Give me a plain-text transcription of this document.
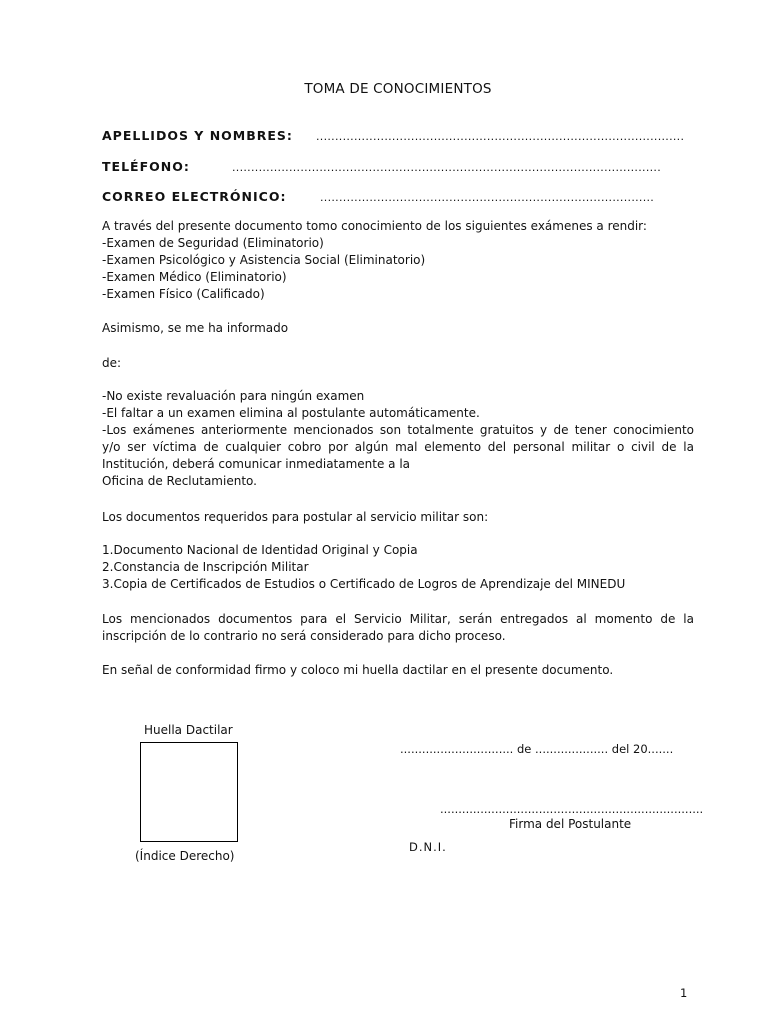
TOMA DE CONOCIMIENTOS
APELLIDOS Y NOMBRES: .................................................................................................
TELÉFONO:	.................................................................................................................
CORREO ELECTRÓNICO:	........................................................................................
A través del presente documento tomo conocimiento de los siguientes exámenes a rendir:
-Examen de Seguridad (Eliminatorio)
-Examen Psicológico y Asistencia Social (Eliminatorio)
-Examen Médico (Eliminatorio)
-Examen Físico (Calificado)
Asimismo, se me ha informado
de:
-No existe revaluación para ningún examen
-El faltar a un examen elimina al postulante automáticamente.
-Los exámenes anteriormente mencionados son totalmente gratuitos y de tener conocimiento
y/o ser víctima de cualquier cobro por algún mal elemento del personal militar o civil de la
Institución, deberá comunicar inmediatamente a la
Oficina de Reclutamiento.
Los documentos requeridos para postular al servicio militar son:
1.Documento Nacional de Identidad Original y Copia
2.Constancia de Inscripción Militar
3.Copia de Certificados de Estudios o Certificado de Logros de Aprendizaje del MINEDU
Los mencionados documentos para el Servicio Militar, serán entregados al momento de la
inscripción de lo contrario no será considerado para dicho proceso.
En señal de conformidad firmo y coloco mi huella dactilar en el presente documento.
Huella Dactilar
(Índice Derecho)
............................... de .................... del 20.......
........................................................................
Firma del Postulante
D.N.I.
1
